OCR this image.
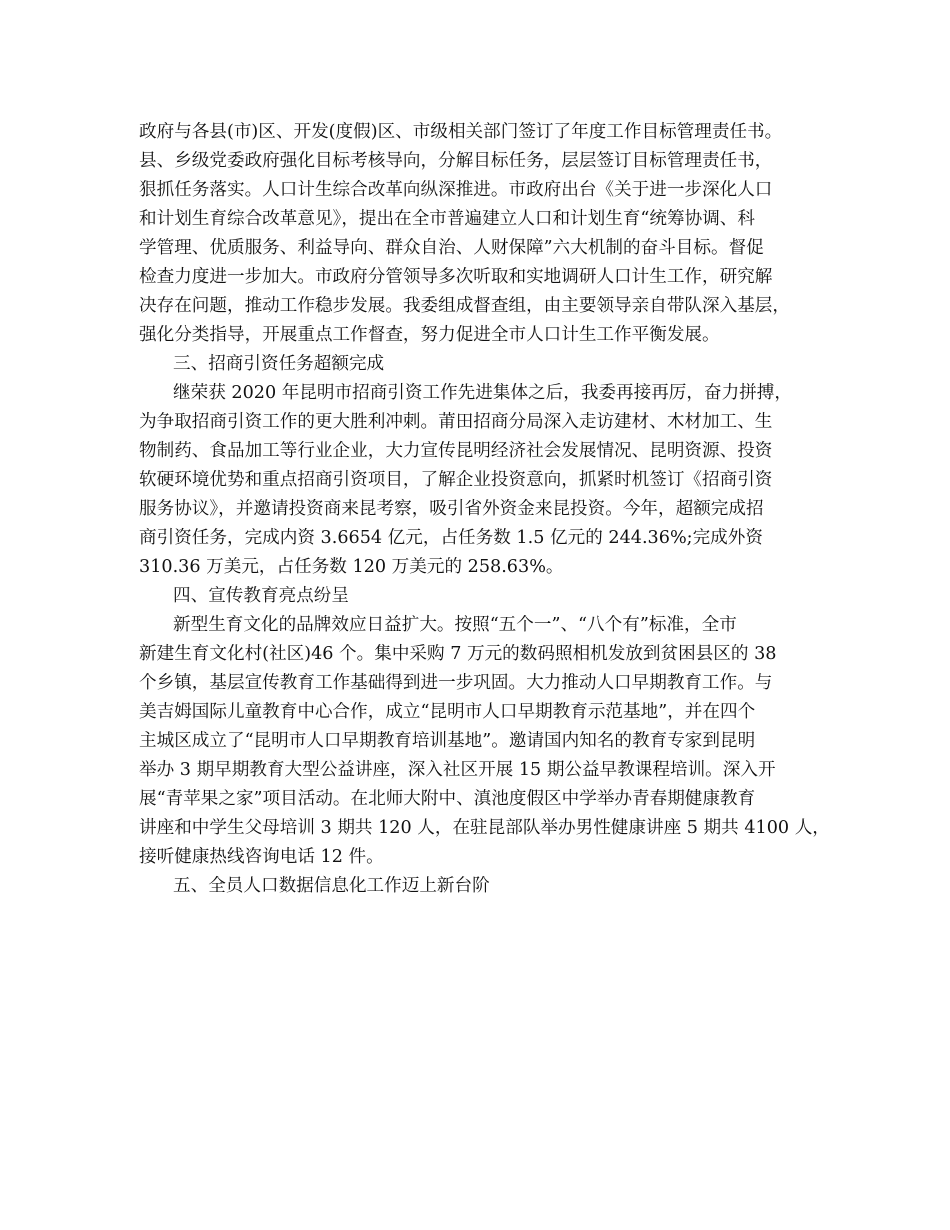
政府与各县(市)区、开发(度假)区、市级相关部门签订了年度工作目标管理责任书。
县、乡级党委政府强化目标考核导向，分解目标任务，层层签订目标管理责任书，
狠抓任务落实。人口计生综合改革向纵深推进。市政府出台《关于进一步深化人口
和计划生育综合改革意见》，提出在全市普遍建立人口和计划生育“统筹协调、科
学管理、优质服务、利益导向、群众自治、人财保障”六大机制的奋斗目标。督促
检查力度进一步加大。市政府分管领导多次听取和实地调研人口计生工作，研究解
决存在问题，推动工作稳步发展。我委组成督查组，由主要领导亲自带队深入基层，
强化分类指导，开展重点工作督查，努力促进全市人口计生工作平衡发展。
三、招商引资任务超额完成
继荣获 2020 年昆明市招商引资工作先进集体之后，我委再接再厉，奋力拼搏，
为争取招商引资工作的更大胜利冲刺。莆田招商分局深入走访建材、木材加工、生
物制药、食品加工等行业企业，大力宣传昆明经济社会发展情况、昆明资源、投资
软硬环境优势和重点招商引资项目，了解企业投资意向，抓紧时机签订《招商引资
服务协议》，并邀请投资商来昆考察，吸引省外资金来昆投资。今年，超额完成招
商引资任务，完成内资 3.6654 亿元，占任务数 1.5 亿元的 244.36%;完成外资
310.36 万美元，占任务数 120 万美元的 258.63%。
四、宣传教育亮点纷呈
新型生育文化的品牌效应日益扩大。按照“五个一”、“八个有”标准，全市
新建生育文化村(社区)46 个。集中采购 7 万元的数码照相机发放到贫困县区的 38
个乡镇，基层宣传教育工作基础得到进一步巩固。大力推动人口早期教育工作。与
美吉姆国际儿童教育中心合作，成立“昆明市人口早期教育示范基地”，并在四个
主城区成立了“昆明市人口早期教育培训基地”。邀请国内知名的教育专家到昆明
举办 3 期早期教育大型公益讲座，深入社区开展 15 期公益早教课程培训。深入开
展“青苹果之家”项目活动。在北师大附中、滇池度假区中学举办青春期健康教育
讲座和中学生父母培训 3 期共 120 人，在驻昆部队举办男性健康讲座 5 期共 4100 人，
接听健康热线咨询电话 12 件。
五、全员人口数据信息化工作迈上新台阶
